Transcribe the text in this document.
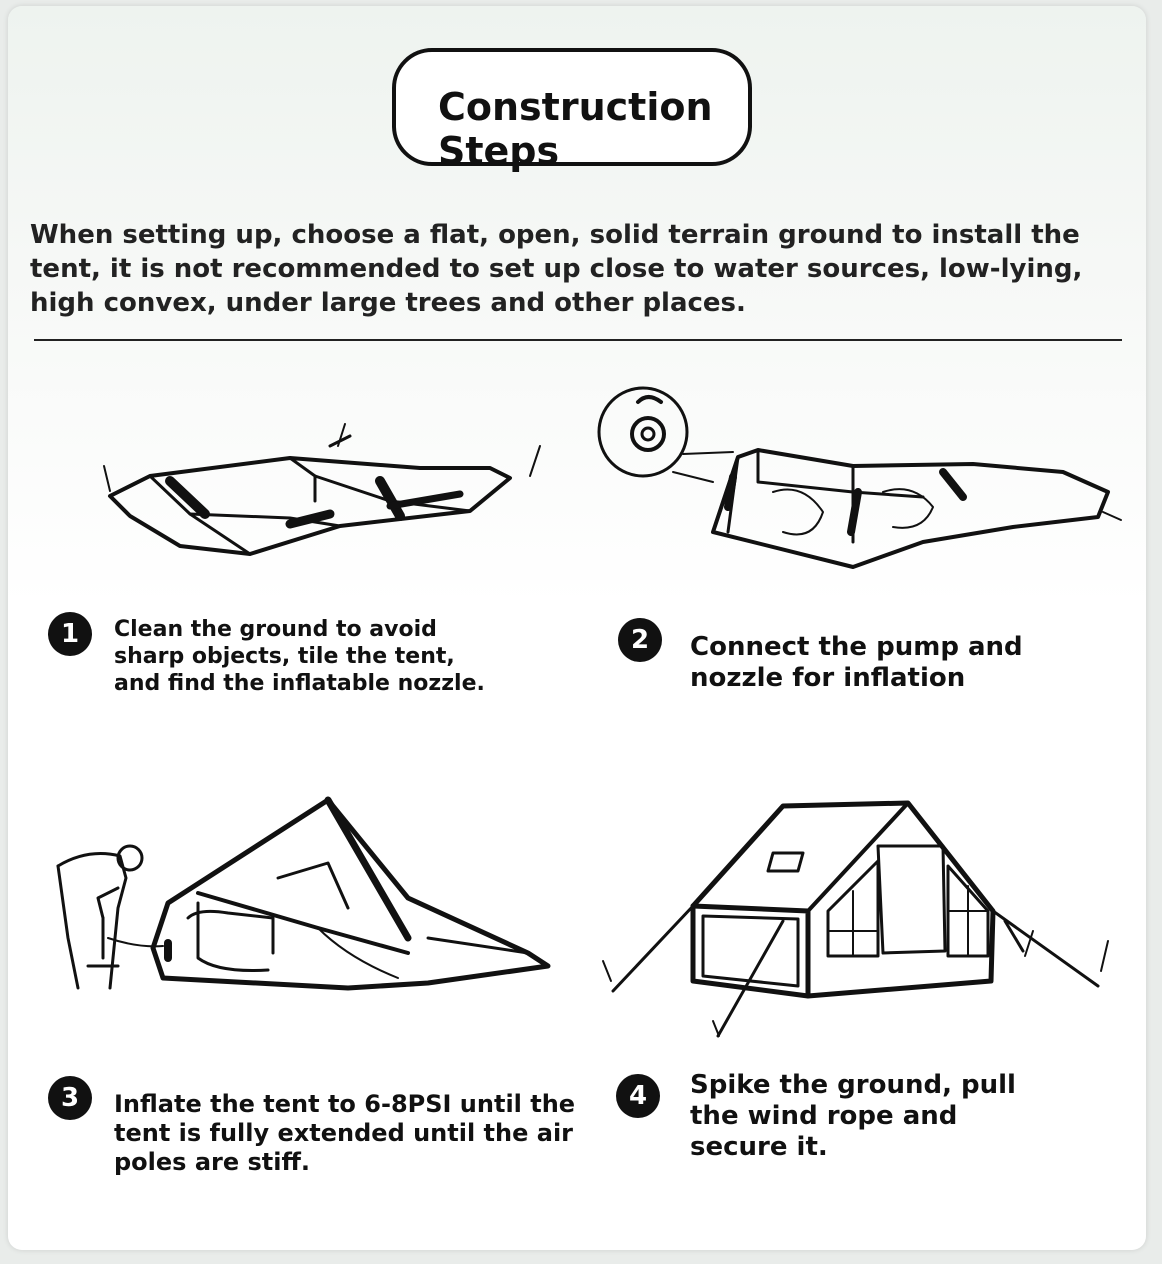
Construction
Steps
When setting up, choose a flat, open, solid terrain ground to install the
tent, it is not recommended to set up close to water sources, low-lying,
high convex, under large trees and other places.
1	Clean the ground to avoid
sharp objects, tile the tent,
and find the inflatable nozzle.
2	Connect the pump and
nozzle for inflation
3	Inflate the tent to 6-8PSI until the
tent is fully extended until the air
poles are stiff.
4	Spike the ground, pull
the wind rope and
secure it.
